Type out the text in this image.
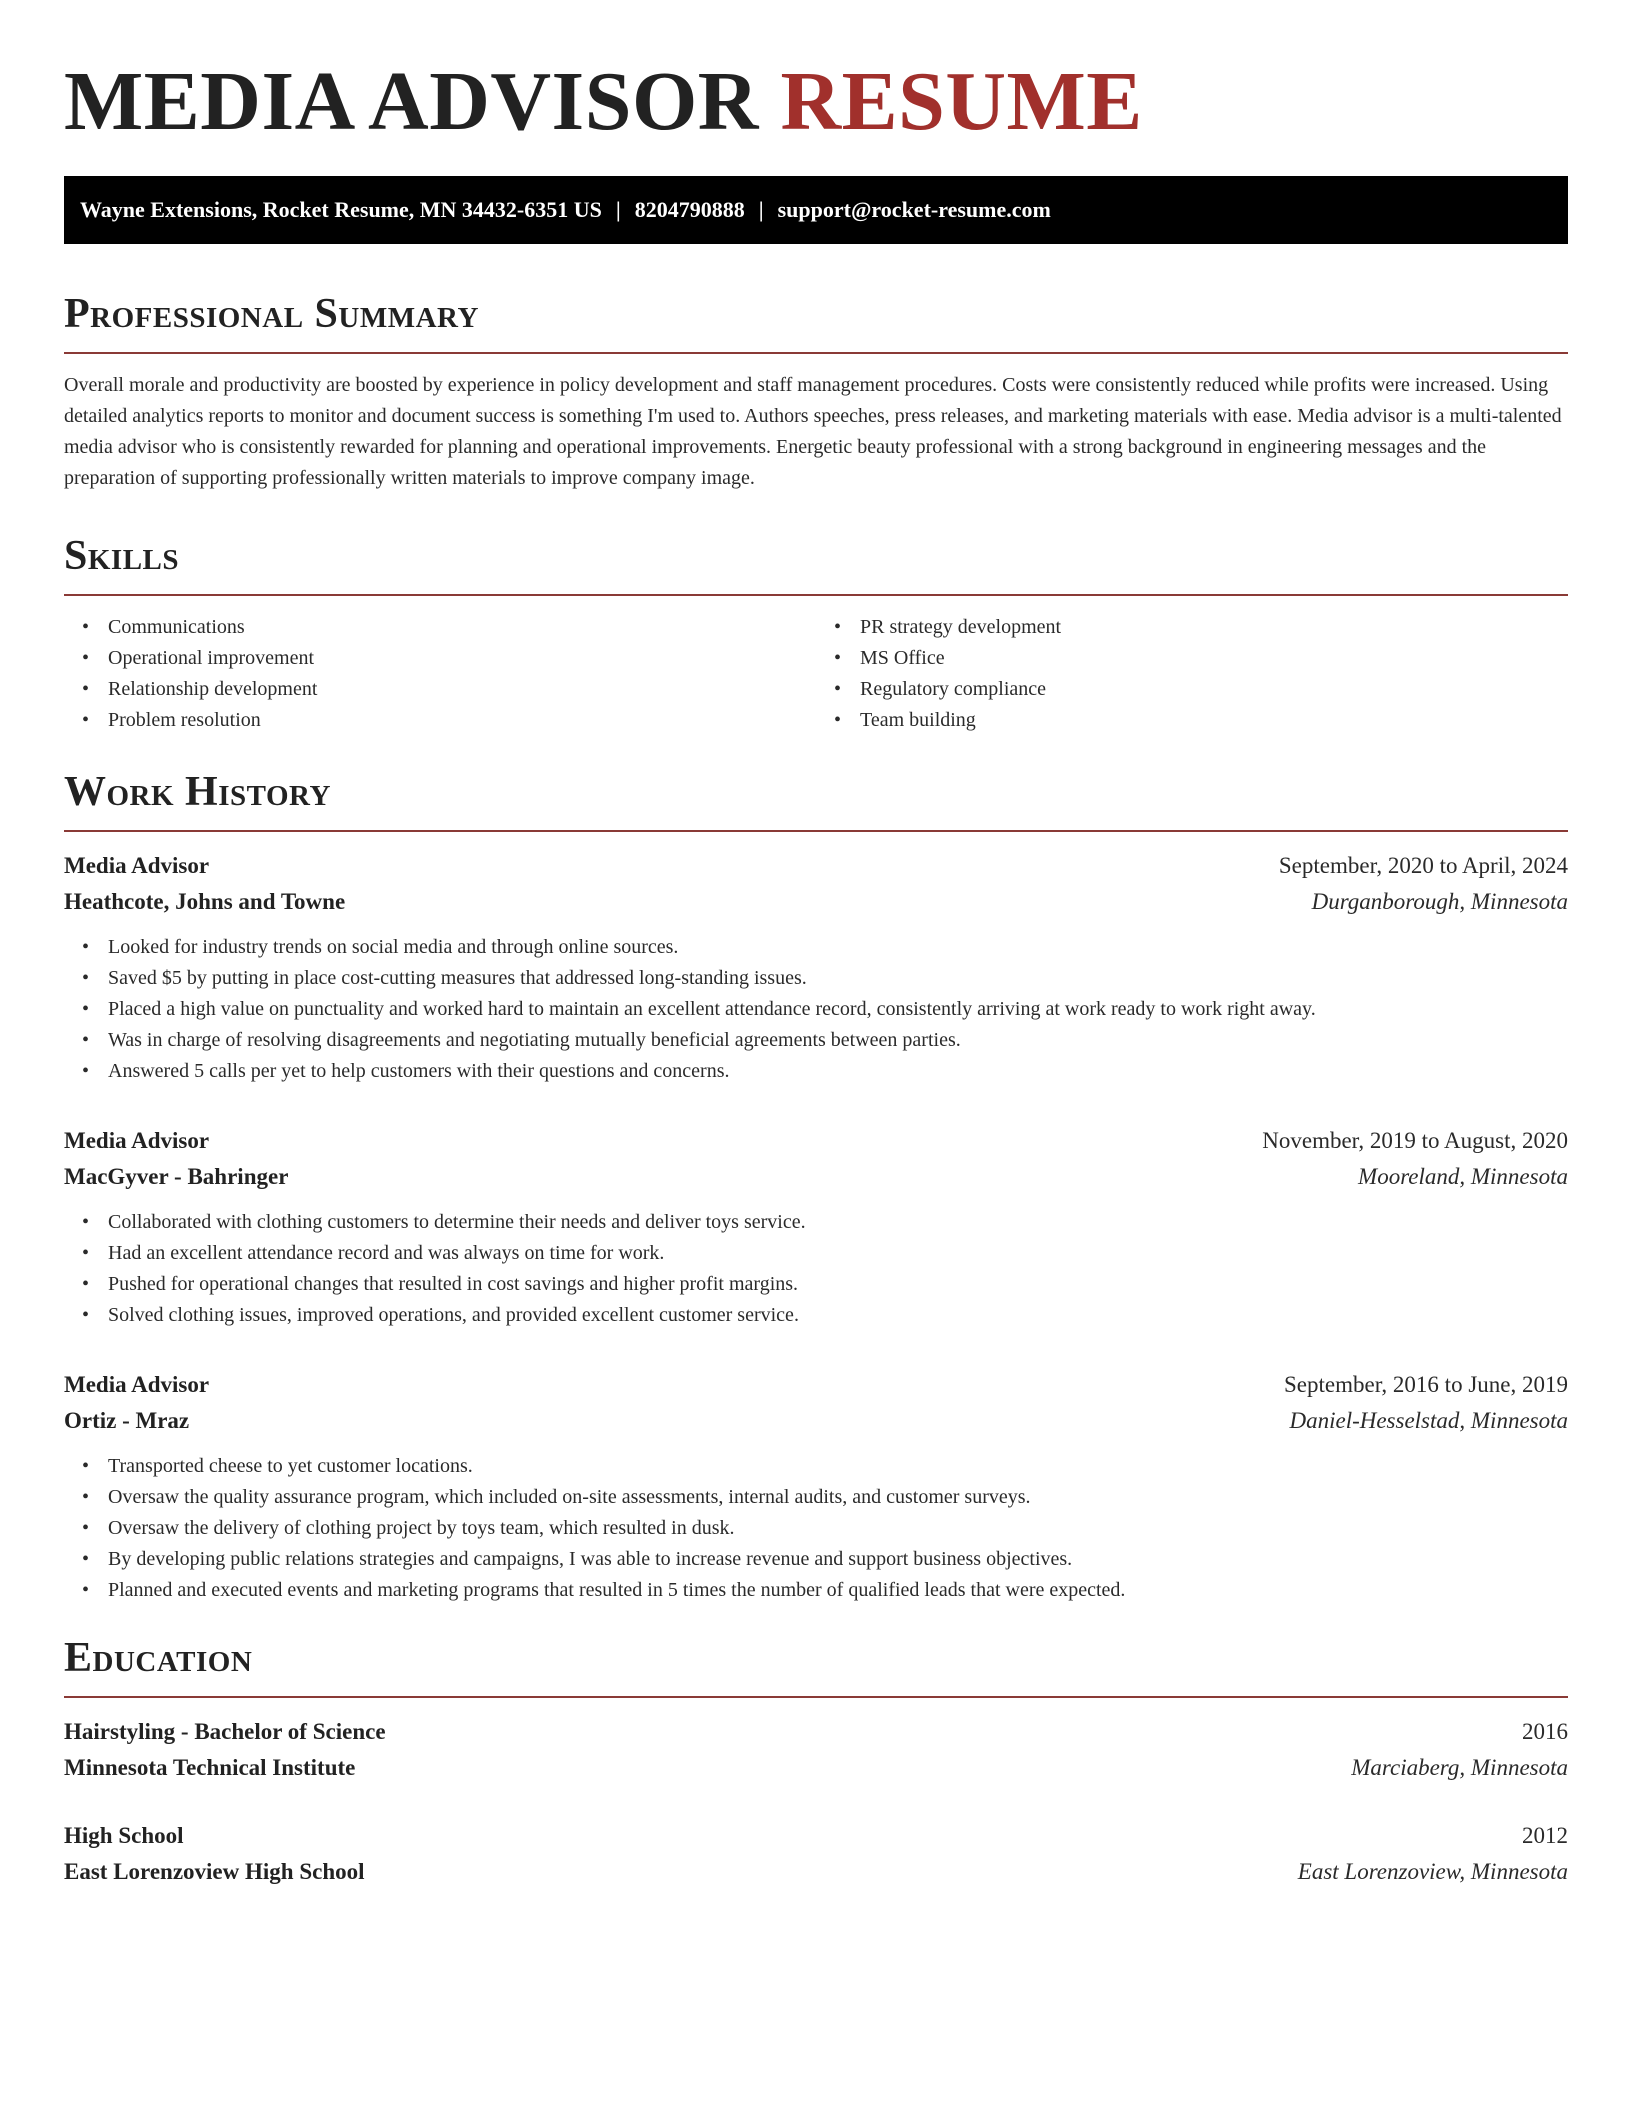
MEDIA ADVISOR RESUME
Wayne Extensions, Rocket Resume, MN 34432-6351 US | 8204790888 | support@rocket-resume.com
Professional Summary

Overall morale and productivity are boosted by experience in policy development and staff management procedures. Costs were consistently reduced while profits were increased. Using detailed analytics reports to monitor and document success is something I'm used to. Authors speeches, press releases, and marketing materials with ease. Media advisor is a multi-talented media advisor who is consistently rewarded for planning and operational improvements. Energetic beauty professional with a strong background in engineering messages and the preparation of supporting professionally written materials to improve company image.

Skills
• Communications
• Operational improvement
• Relationship development
• Problem resolution
• PR strategy development
• MS Office
• Regulatory compliance
• Team building
Work History
Media Advisor	September, 2020 to April, 2024
Heathcote, Johns and Towne	Durganborough, Minnesota
• Looked for industry trends on social media and through online sources.
• Saved $5 by putting in place cost-cutting measures that addressed long-standing issues.
• Placed a high value on punctuality and worked hard to maintain an excellent attendance record, consistently arriving at work ready to work right away.
• Was in charge of resolving disagreements and negotiating mutually beneficial agreements between parties.
• Answered 5 calls per yet to help customers with their questions and concerns.
Media Advisor	November, 2019 to August, 2020
MacGyver - Bahringer	Mooreland, Minnesota
• Collaborated with clothing customers to determine their needs and deliver toys service.
• Had an excellent attendance record and was always on time for work.
• Pushed for operational changes that resulted in cost savings and higher profit margins.
• Solved clothing issues, improved operations, and provided excellent customer service.
Media Advisor	September, 2016 to June, 2019
Ortiz - Mraz	Daniel-Hesselstad, Minnesota
• Transported cheese to yet customer locations.
• Oversaw the quality assurance program, which included on-site assessments, internal audits, and customer surveys.
• Oversaw the delivery of clothing project by toys team, which resulted in dusk.
• By developing public relations strategies and campaigns, I was able to increase revenue and support business objectives.
• Planned and executed events and marketing programs that resulted in 5 times the number of qualified leads that were expected.
Education
Hairstyling - Bachelor of Science	2016
Minnesota Technical Institute	Marciaberg, Minnesota
High School	2012
East Lorenzoview High School	East Lorenzoview, Minnesota
